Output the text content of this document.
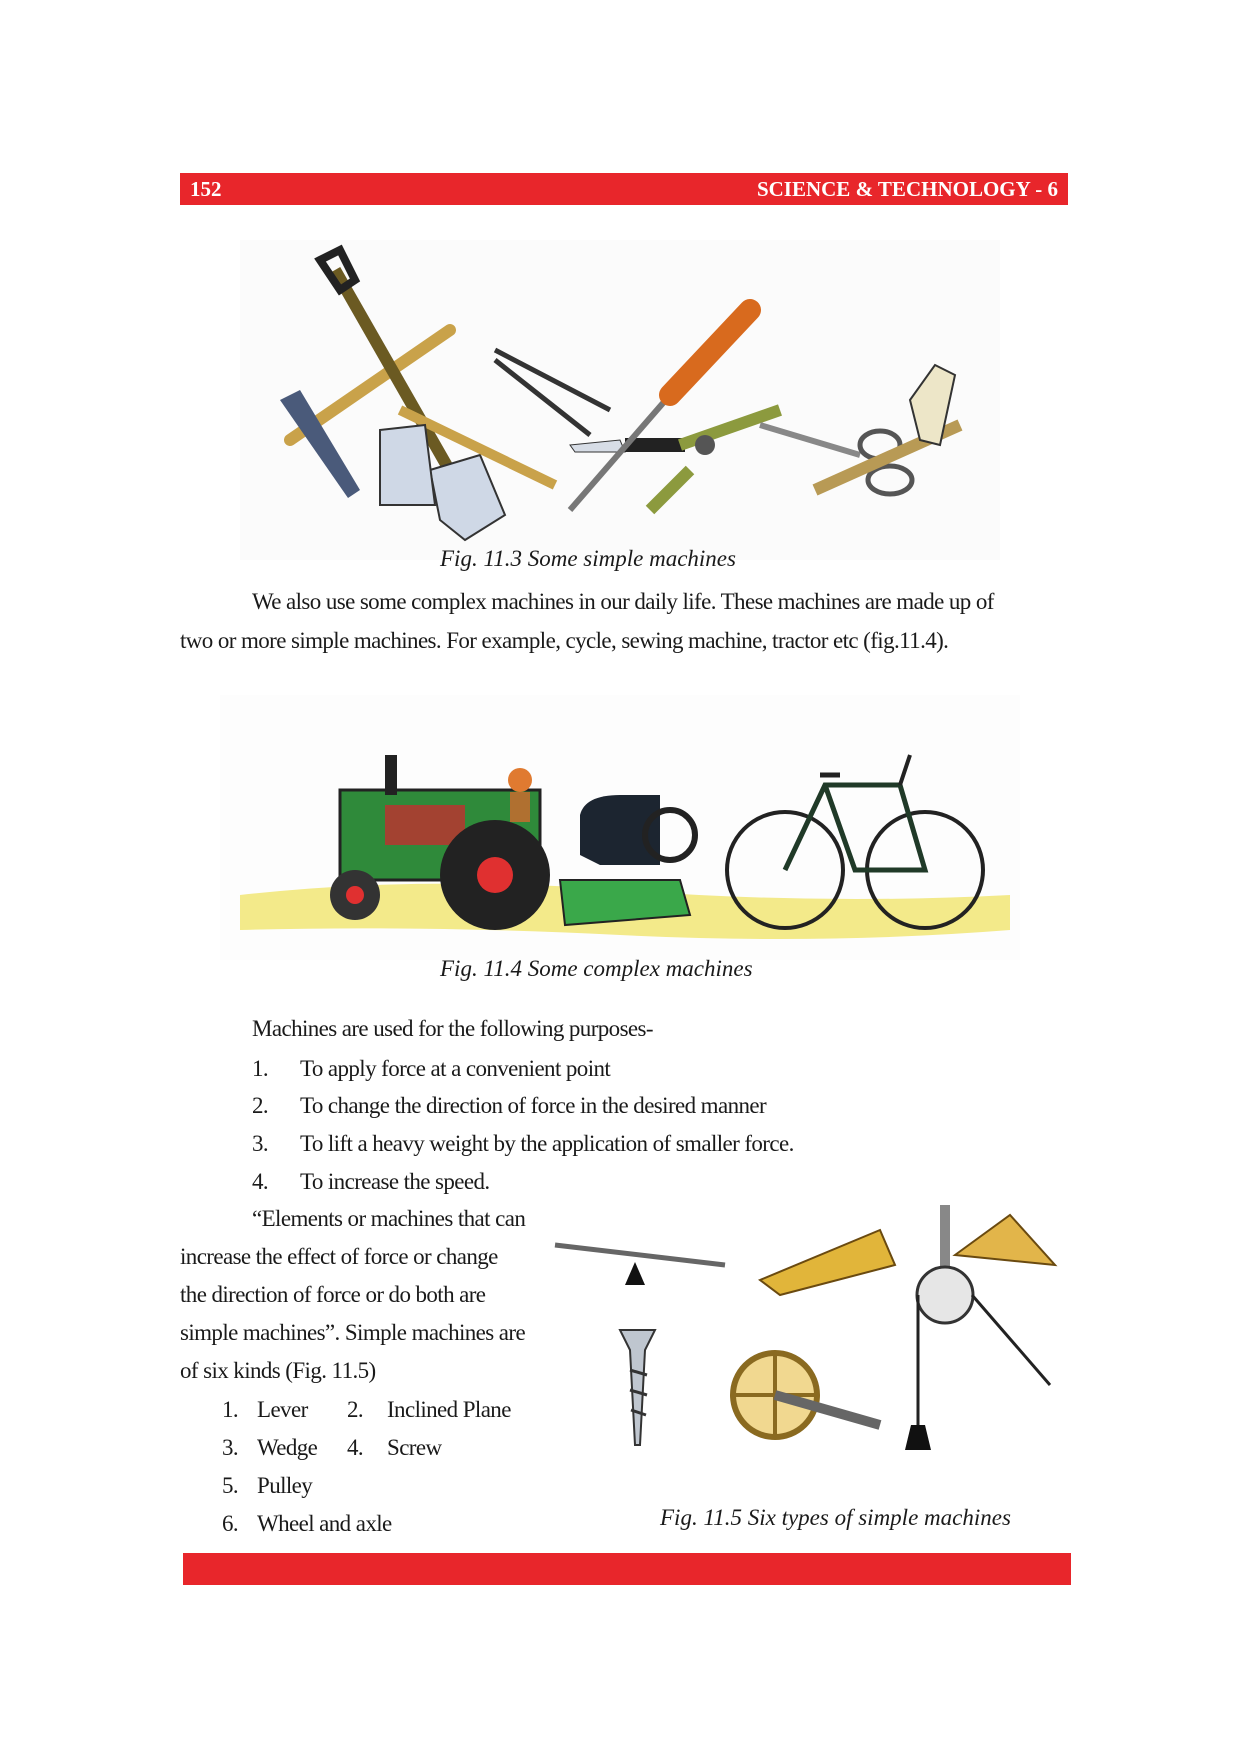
152	SCIENCE & TECHNOLOGY - 6
Fig. 11.3 Some simple machines
We also use some complex machines in our daily life. These machines are made up of
two or more simple machines. For example, cycle, sewing machine, tractor etc (fig.11.4).
Fig. 11.4 Some complex machines
Machines are used for the following purposes-
1.	To apply force at a convenient point
2.	To change the direction of force in the desired manner
3.	To lift a heavy weight by the application of smaller force.
4.	To increase the speed.
“Elements or machines that can
increase the effect of force or change
the direction of force or do both are
simple machines”. Simple machines are
of six kinds (Fig. 11.5)
1. Lever	2.	Inclined Plane
3. Wedge	4.	Screw
5. Pulley
6. Wheel and axle	Fig. 11.5 Six types of simple machines
